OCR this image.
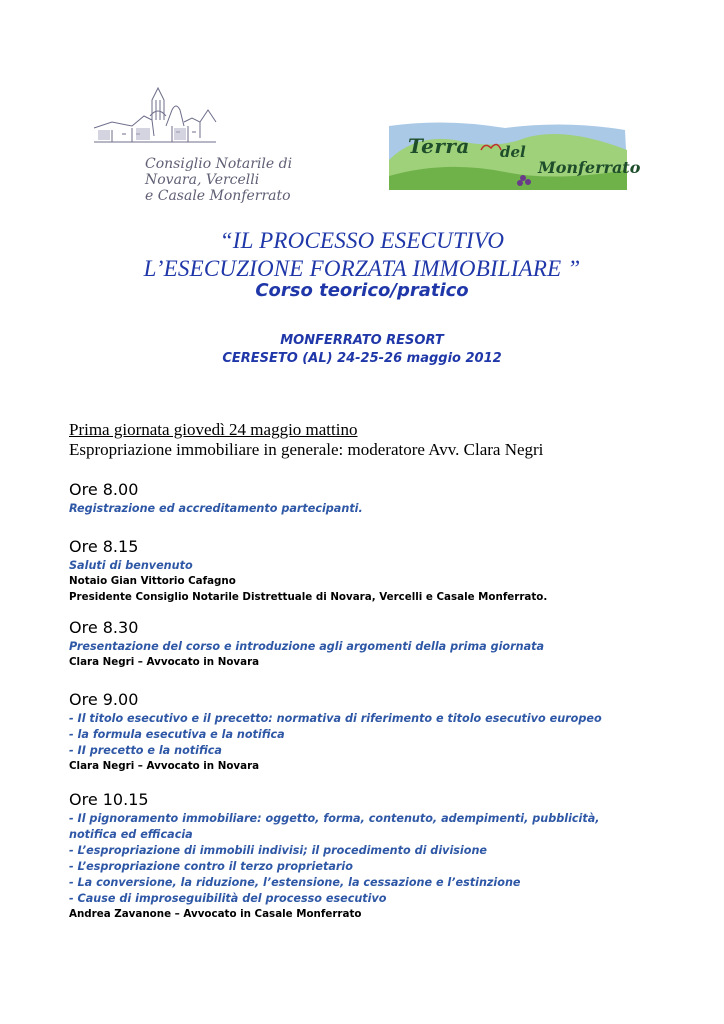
Consiglio Notarile di
Novara, Vercelli
e Casale Monferrato
Terra del
Monferrato
“IL PROCESSO ESECUTIVO
L’ESECUZIONE FORZATA IMMOBILIARE ”
Corso teorico/pratico
MONFERRATO RESORT
CERESETO (AL) 24-25-26 maggio 2012
Prima giornata giovedì 24 maggio mattino
Espropriazione immobiliare in generale: moderatore Avv. Clara Negri
Ore 8.00
Registrazione ed accreditamento partecipanti.
Ore 8.15
Saluti di benvenuto
Notaio Gian Vittorio Cafagno
Presidente Consiglio Notarile Distrettuale di Novara, Vercelli e Casale Monferrato.
Ore 8.30
Presentazione del corso e introduzione agli argomenti della prima giornata
Clara Negri – Avvocato in Novara
Ore 9.00
- Il titolo esecutivo e il precetto: normativa di riferimento e titolo esecutivo europeo
- la formula esecutiva e la notifica
- II precetto e la notifica
Clara Negri – Avvocato in Novara
Ore 10.15
- Il pignoramento immobiliare: oggetto, forma, contenuto, adempimenti, pubblicità,
notifica ed efficacia
- L’espropriazione di immobili indivisi; il procedimento di divisione
- L’espropriazione contro il terzo proprietario
- La conversione, la riduzione, l’estensione, la cessazione e l’estinzione
- Cause di improseguibilità del processo esecutivo
Andrea Zavanone – Avvocato in Casale Monferrato
